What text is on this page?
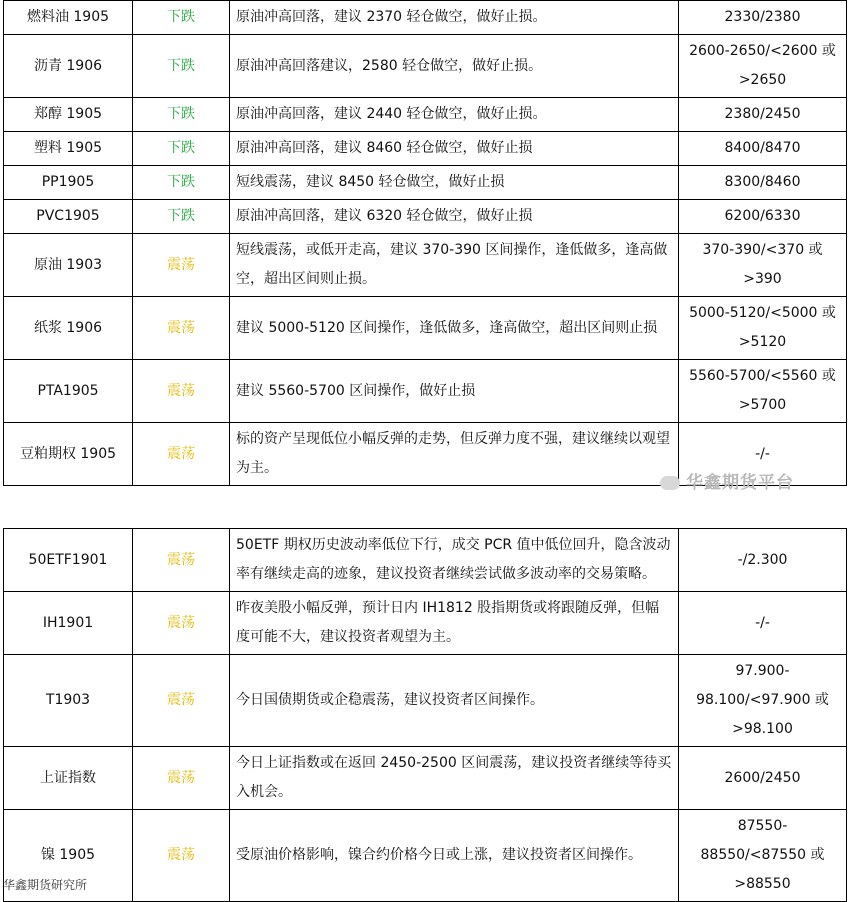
燃料油 1905	下跌	原油冲高回落，建议 2370 轻仓做空，做好止损。	2330/2380
沥青 1906	下跌	原油冲高回落建议，2580 轻仓做空，做好止损。	2600-2650/<2600 或>2650
郑醇 1905	下跌	原油冲高回落，建议 2440 轻仓做空，做好止损。	2380/2450
塑料 1905	下跌	原油冲高回落，建议 8460 轻仓做空，做好止损	8400/8470
PP1905	下跌	短线震荡，建议 8450 轻仓做空，做好止损	8300/8460
PVC1905	下跌	原油冲高回落，建议 6320 轻仓做空，做好止损	6200/6330
原油 1903	震荡	短线震荡，或低开走高，建议 370-390 区间操作，逢低做多，逢高做空，超出区间则止损。	370-390/<370 或>390
纸浆 1906	震荡	建议 5000-5120 区间操作，逢低做多，逢高做空，超出区间则止损	5000-5120/<5000 或>5120
PTA1905	震荡	建议 5560-5700 区间操作，做好止损	5560-5700/<5560 或>5700
豆粕期权 1905	震荡	标的资产呈现低位小幅反弹的走势，但反弹力度不强，建议继续以观望为主。	-/-
华鑫期货平台
50ETF1901	震荡	50ETF 期权历史波动率低位下行，成交 PCR 值中低位回升，隐含波动率有继续走高的迹象，建议投资者继续尝试做多波动率的交易策略。	-/2.300
IH1901	震荡	昨夜美股小幅反弹，预计日内 IH1812 股指期货或将跟随反弹，但幅度可能不大，建议投资者观望为主。	-/-
T1903	震荡	今日国债期货或企稳震荡，建议投资者区间操作。	97.900-98.100/<97.900 或>98.100
上证指数	震荡	今日上证指数或在返回 2450-2500 区间震荡，建议投资者继续等待买入机会。	2600/2450
镍 1905	震荡	受原油价格影响，镍合约价格今日或上涨，建议投资者区间操作。	87550-88550/<87550 或>88550
华鑫期货研究所
